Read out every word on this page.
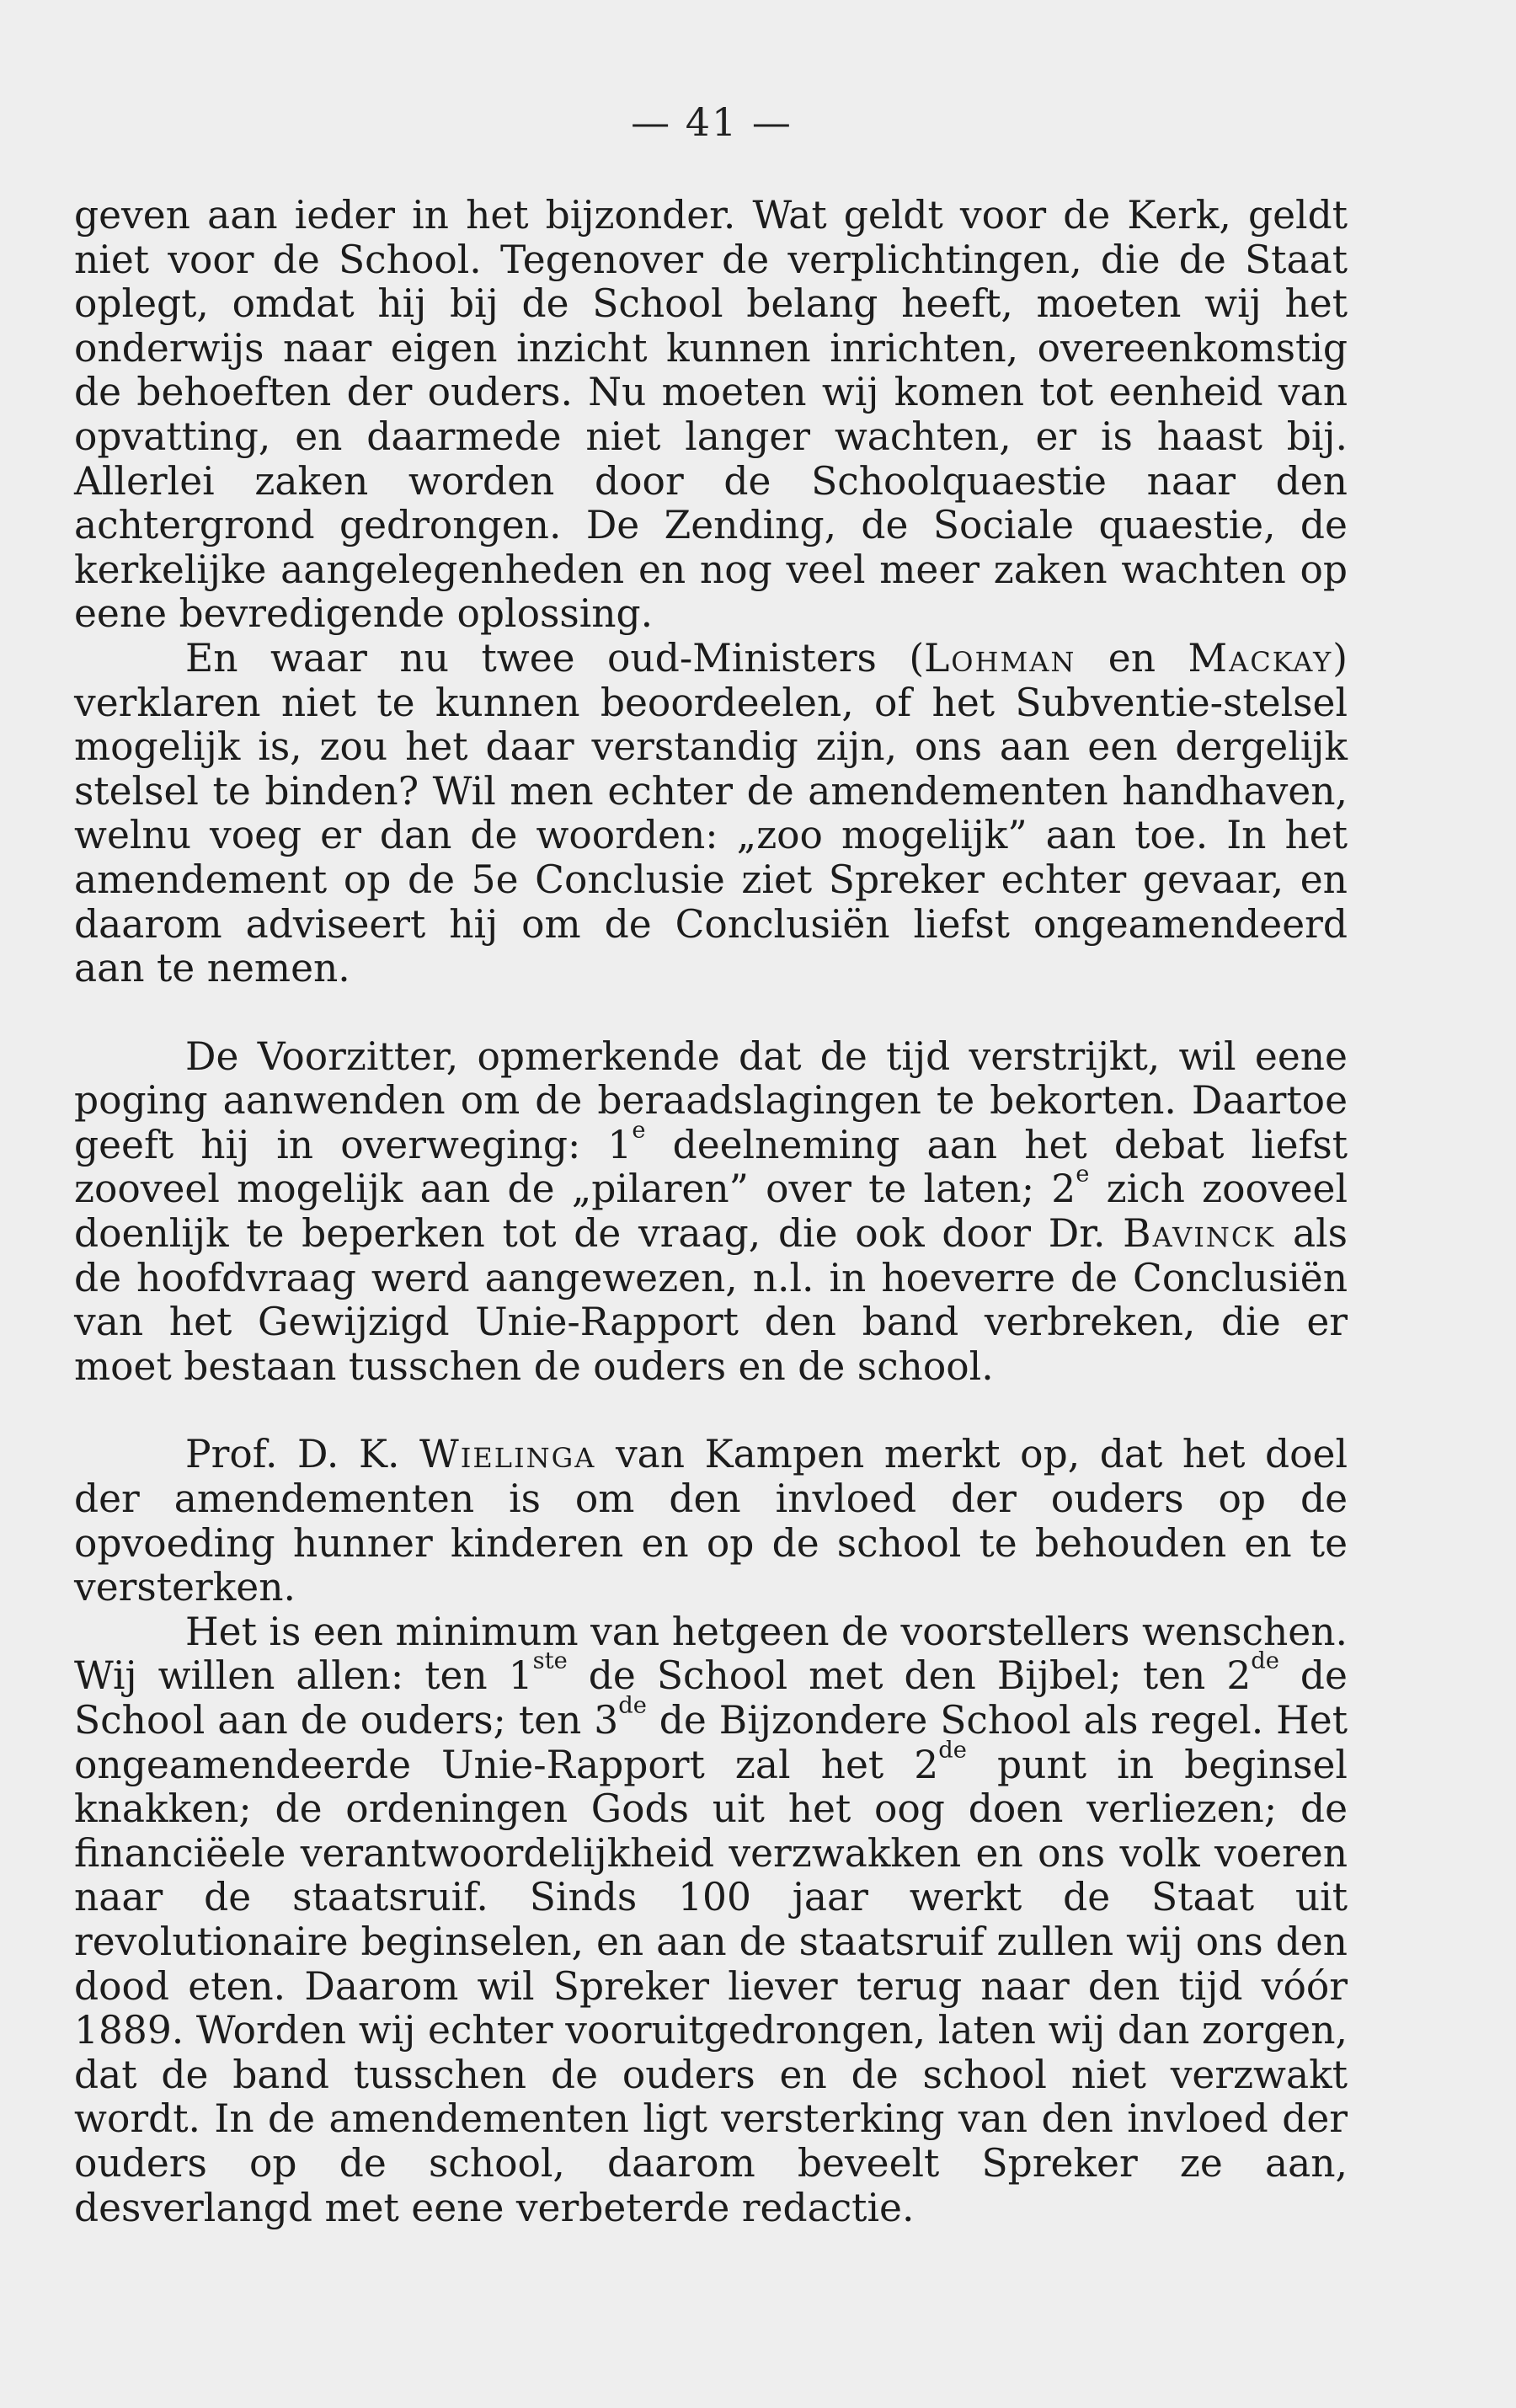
— 41 —

geven aan ieder in het bijzonder. Wat geldt voor de Kerk, geldt niet voor de School. Tegenover de verplichtingen, die de Staat oplegt, omdat hij bij de School belang heeft, moeten wij het onderwijs naar eigen inzicht kunnen inrichten, overeenkomstig de behoeften der ouders. Nu moeten wij komen tot eenheid van opvatting, en daarmede niet langer wachten, er is haast bij. Allerlei zaken worden door de Schoolquaestie naar den achtergrond gedrongen. De Zending, de Sociale quaestie, de kerkelijke aangelegenheden en nog veel meer zaken wachten op eene bevredigende oplossing.

En waar nu twee oud-Ministers (Lohman en Mackay) verklaren niet te kunnen beoordeelen, of het Subventie-stelsel mogelijk is, zou het daar verstandig zijn, ons aan een dergelijk stelsel te binden? Wil men echter de amendementen handhaven, welnu voeg er dan de woorden: „zoo mogelijk” aan toe. In het amendement op de 5e Conclusie ziet Spreker echter gevaar, en daarom adviseert hij om de Conclusiën liefst ongeamendeerd aan te nemen.

De Voorzitter, opmerkende dat de tijd verstrijkt, wil eene poging aanwenden om de beraadslagingen te bekorten. Daartoe geeft hij in overweging: 1e deelneming aan het debat liefst zooveel mogelijk aan de „pilaren” over te laten; 2e zich zooveel doenlijk te beperken tot de vraag, die ook door Dr. Bavinck als de hoofdvraag werd aangewezen, n.l. in hoeverre de Conclusiën van het Gewijzigd Unie-Rapport den band verbreken, die er moet bestaan tusschen de ouders en de school.

Prof. D. K. Wielinga van Kampen merkt op, dat het doel der amendementen is om den invloed der ouders op de opvoeding hunner kinderen en op de school te behouden en te versterken.

Het is een minimum van hetgeen de voorstellers wenschen. Wij willen allen: ten 1ste de School met den Bijbel; ten 2de de School aan de ouders; ten 3de de Bijzondere School als regel. Het ongeamendeerde Unie-Rapport zal het 2de punt in beginsel knakken; de ordeningen Gods uit het oog doen verliezen; de financiëele verantwoordelijkheid verzwakken en ons volk voeren naar de staatsruif. Sinds 100 jaar werkt de Staat uit revolutionaire beginselen, en aan de staatsruif zullen wij ons den dood eten. Daarom wil Spreker liever terug naar den tijd vóór 1889. Worden wij echter vooruitgedrongen, laten wij dan zorgen, dat de band tusschen de ouders en de school niet verzwakt wordt. In de amendementen ligt versterking van den invloed der ouders op de school, daarom beveelt Spreker ze aan, desverlangd met eene verbeterde redactie.
